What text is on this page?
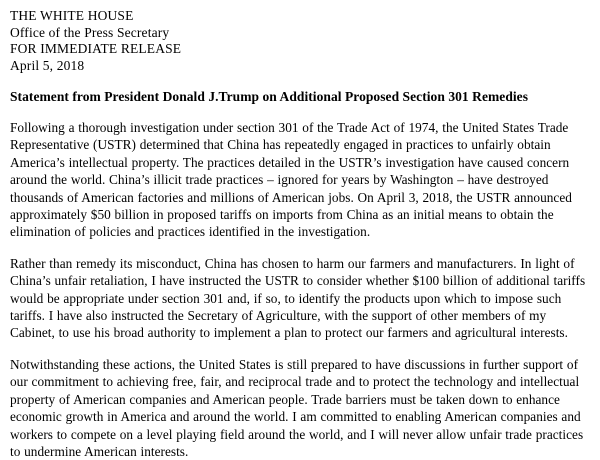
THE WHITE HOUSE
Office of the Press Secretary
FOR IMMEDIATE RELEASE
April 5, 2018
Statement from President Donald J.Trump on Additional Proposed Section 301 Remedies

Following a thorough investigation under section 301 of the Trade Act of 1974, the United States Trade Representative (USTR) determined that China has repeatedly engaged in practices to unfairly obtain America’s intellectual property. The practices detailed in the USTR’s investigation have caused concern around the world. China’s illicit trade practices – ignored for years by Washington – have destroyed thousands of American factories and millions of American jobs. On April 3, 2018, the USTR announced approximately $50 billion in proposed tariffs on imports from China as an initial means to obtain the elimination of policies and practices identified in the investigation.

Rather than remedy its misconduct, China has chosen to harm our farmers and manufacturers. In light of China’s unfair retaliation, I have instructed the USTR to consider whether $100 billion of additional tariffs would be appropriate under section 301 and, if so, to identify the products upon which to impose such tariffs. I have also instructed the Secretary of Agriculture, with the support of other members of my Cabinet, to use his broad authority to implement a plan to protect our farmers and agricultural interests.

Notwithstanding these actions, the United States is still prepared to have discussions in further support of our commitment to achieving free, fair, and reciprocal trade and to protect the technology and intellectual property of American companies and American people. Trade barriers must be taken down to enhance economic growth in America and around the world. I am committed to enabling American companies and workers to compete on a level playing field around the world, and I will never allow unfair trade practices to undermine American interests.
